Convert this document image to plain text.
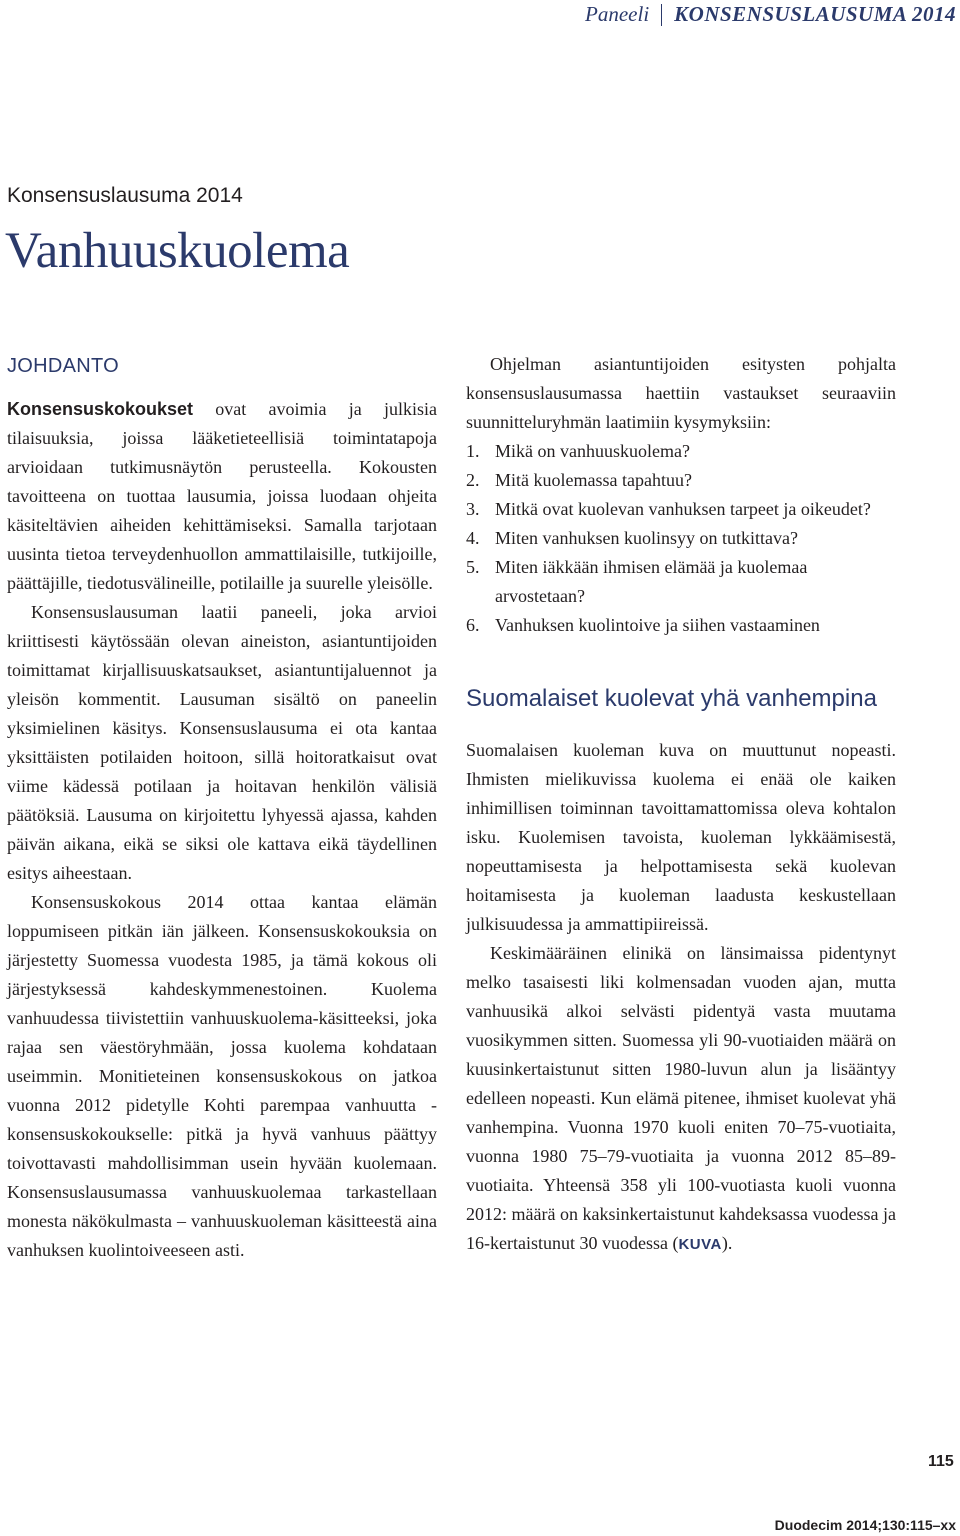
Paneeli KONSENSUSLAUSUMA 2014
Konsensuslausuma 2014
Vanhuuskuolema
JOHDANTO

Konsensuskokoukset ovat avoimia ja julkisia tilaisuuksia, joissa lääketieteellisiä toimintatapoja arvioidaan tutkimusnäytön perusteella. Kokousten tavoitteena on tuottaa lausumia, joissa luodaan ohjeita käsiteltävien aiheiden kehittämiseksi. Samalla tarjotaan uusinta tietoa terveydenhuollon ammattilaisille, tutkijoille, päättäjille, tiedotusvälineille, potilaille ja suurelle yleisölle.

Konsensuslausuman laatii paneeli, joka arvioi kriittisesti käytössään olevan aineiston, asiantuntijoiden toimittamat kirjallisuuskatsaukset, asiantuntijaluennot ja yleisön kommentit. Lausuman sisältö on paneelin yksimielinen käsitys. Konsensuslausuma ei ota kantaa yksittäisten potilaiden hoitoon, sillä hoitoratkaisut ovat viime kädessä potilaan ja hoitavan henkilön välisiä päätöksiä. Lausuma on kirjoitettu lyhyessä ajassa, kahden päivän aikana, eikä se siksi ole kattava eikä täydellinen esitys aiheestaan.

Konsensuskokous 2014 ottaa kantaa elämän loppumiseen pitkän iän jälkeen. Konsensuskokouksia on järjestetty Suomessa vuodesta 1985, ja tämä kokous oli järjestyksessä kahdeskymmenestoinen. Kuolema vanhuudessa tiivistettiin vanhuuskuolema-käsitteeksi, joka rajaa sen väestöryhmään, jossa kuolema kohdataan useimmin. Monitieteinen konsensuskokous on jatkoa vuonna 2012 pidetylle Kohti parempaa vanhuutta -konsensuskokoukselle: pitkä ja hyvä vanhuus päättyy toivottavasti mahdollisimman usein hyvään kuolemaan. Konsensuslausumassa vanhuuskuolemaa tarkastellaan monesta näkökulmasta – vanhuuskuoleman käsitteestä aina vanhuksen kuolintoiveeseen asti.

Ohjelman asiantuntijoiden esitysten pohjalta konsensuslausumassa haettiin vastaukset seuraaviin suunnitteluryhmän laatimiin kysymyksiin:

1. Mikä on vanhuuskuolema?
2. Mitä kuolemassa tapahtuu?
3. Mitkä ovat kuolevan vanhuksen tarpeet ja oikeudet?
4. Miten vanhuksen kuolinsyy on tutkittava?
5. Miten iäkkään ihmisen elämää ja kuolemaa arvostetaan?
6. Vanhuksen kuolintoive ja siihen vastaaminen
Suomalaiset kuolevat yhä vanhempina

Suomalaisen kuoleman kuva on muuttunut nopeasti. Ihmisten mielikuvissa kuolema ei enää ole kaiken inhimillisen toiminnan tavoittamattomissa oleva kohtalon isku. Kuolemisen tavoista, kuoleman lykkäämisestä, nopeuttamisesta ja helpottamisesta sekä kuolevan hoitamisesta ja kuoleman laadusta keskustellaan julkisuudessa ja ammattipiireissä.

Keskimääräinen elinikä on länsimaissa pidentynyt melko tasaisesti liki kolmensadan vuoden ajan, mutta vanhuusikä alkoi selvästi pidentyä vasta muutama vuosikymmen sitten. Suomessa yli 90-vuotiaiden määrä on kuusinkertaistunut sitten 1980-luvun alun ja lisääntyy edelleen nopeasti. Kun elämä pitenee, ihmiset kuolevat yhä vanhempina. Vuonna 1970 kuoli eniten 70–75-vuotiaita, vuonna 1980 75–79-vuotiaita ja vuonna 2012 85–89-vuotiaita. Yhteensä 358 yli 100-vuotiasta kuoli vuonna 2012: määrä on kaksinkertaistunut kahdeksassa vuodessa ja 16-kertaistunut 30 vuodessa (KUVA).

115
Duodecim 2014;130:115–xx
